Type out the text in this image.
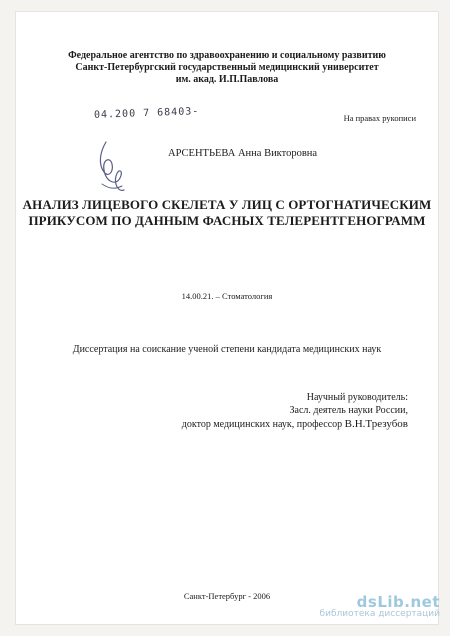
Федеральное агентство по здравоохранению и социальному развитию
Санкт-Петербургский государственный медицинский университет
им. акад. И.П.Павлова
04.200 7 68403-	На правах рукописи
АРСЕНТЬЕВА Анна Викторовна
АНАЛИЗ ЛИЦЕВОГО СКЕЛЕТА У ЛИЦ С ОРТОГНАТИЧЕСКИМ
ПРИКУСОМ ПО ДАННЫМ ФАСНЫХ ТЕЛЕРЕНТГЕНОГРАММ
14.00.21. – Стоматология
Диссертация на соискание ученой степени кандидата медицинских наук
Научный руководитель:
Засл. деятель науки России,
доктор медицинских наук, профессор В.Н.Трезубов
Санкт-Петербург - 2006	dsLib.net
библиотека диссертаций
